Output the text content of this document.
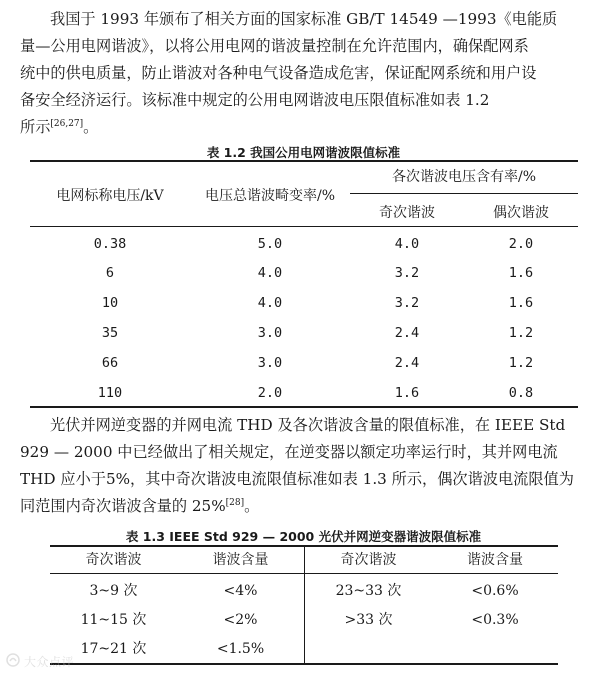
我国于 1993 年颁布了相关方面的国家标准 GB/T 14549 —1993《电能质
量—公用电网谐波》，以将公用电网的谐波量控制在允许范围内，确保配网系
统中的供电质量，防止谐波对各种电气设备造成危害，保证配网系统和用户设
备安全经济运行。该标准中规定的公用电网谐波电压限值标准如表 1.2
所示[26,27]。

表 1.2 我国公用电网谐波限值标准

电网标称电压/kV	电压总谐波畸变率/%
各次谐波电压含有率/%
奇次谐波	偶次谐波
0.38	5.0	4.0	2.0
6	4.0	3.2	1.6
10	4.0	3.2	1.6
35	3.0	2.4	1.2
66	3.0	2.4	1.2
110	2.0	1.6	0.8
光伏并网逆变器的并网电流 THD 及各次谐波含量的限值标准，在 IEEE Std
929 — 2000 中已经做出了相关规定，在逆变器以额定功率运行时，其并网电流
THD 应小于5%，其中奇次谐波电流限值标准如表 1.3 所示，偶次谐波电流限值为
同范围内奇次谐波含量的 25%[28]。

表 1.3 IEEE Std 929 — 2000 光伏并网逆变器谐波限值标准

奇次谐波	谐波含量	奇次谐波	谐波含量
3~9 次	<4%	23~33 次	<0.6%
11~15 次	<2%	>33 次	<0.3%
17~21 次	<1.5%
大众点评
